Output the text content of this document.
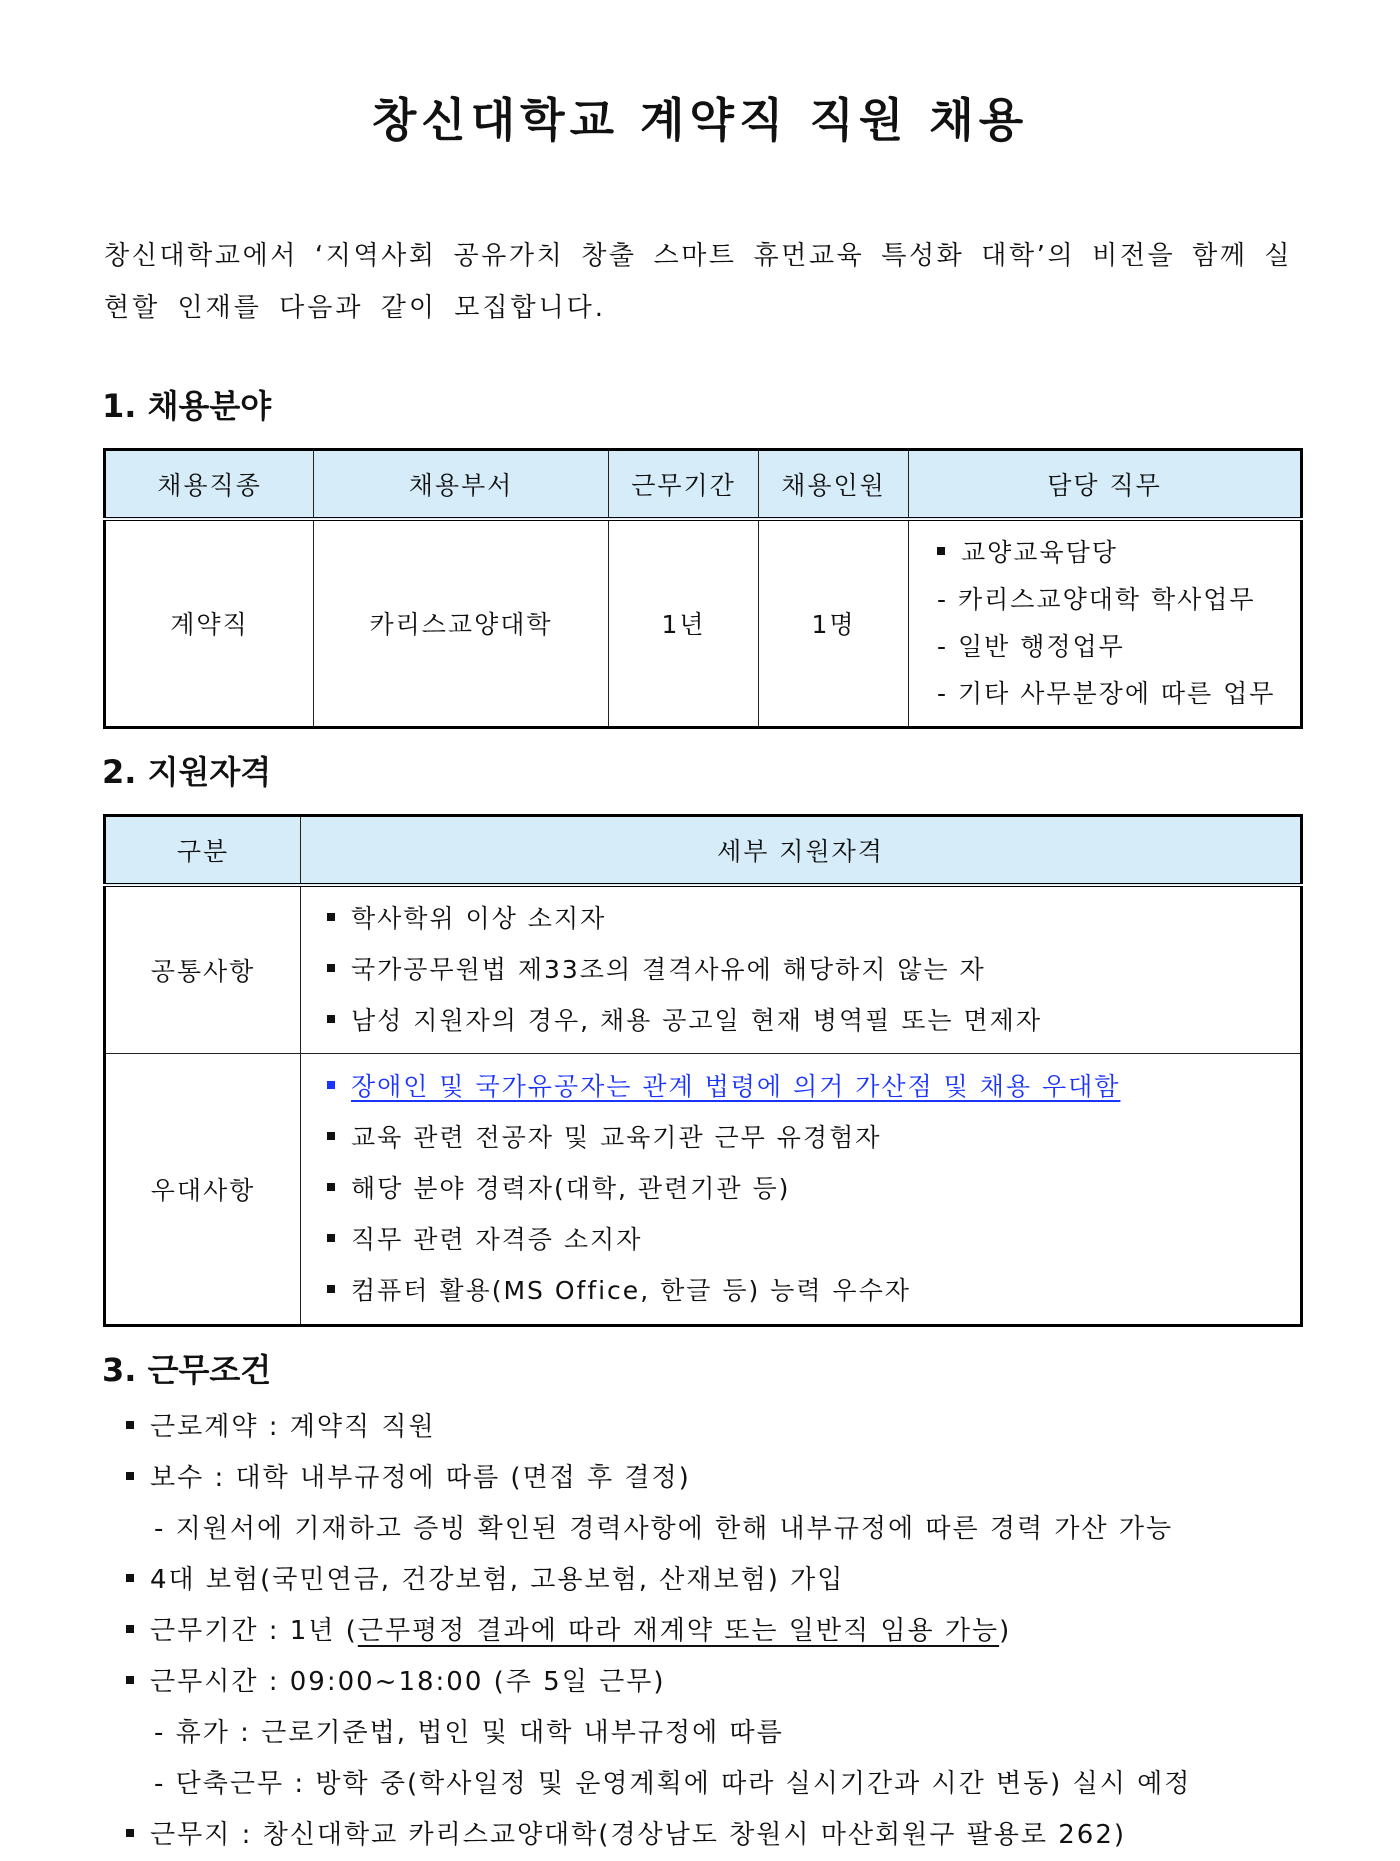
창신대학교 계약직 직원 채용
창신대학교에서 ‘지역사회 공유가치 창출 스마트 휴먼교육 특성화 대학’의 비전을 함께 실
현할 인재를 다음과 같이 모집합니다.
1. 채용분야
채용직종	채용부서	근무기간	채용인원	담당 직무
계약직	카리스교양대학	1년	1명	교양교육담당
- 카리스교양대학 학사업무
- 일반 행정업무
- 기타 사무분장에 따른 업무
2. 지원자격
구분	세부 지원자격
공통사항	학사학위 이상 소지자
국가공무원법 제33조의 결격사유에 해당하지 않는 자
남성 지원자의 경우, 채용 공고일 현재 병역필 또는 면제자

우대사항	장애인 및 국가유공자는 관계 법령에 의거 가산점 및 채용 우대함
교육 관련 전공자 및 교육기관 근무 유경험자
해당 분야 경력자(대학, 관련기관 등)
직무 관련 자격증 소지자
컴퓨터 활용(MS Office, 한글 등) 능력 우수자
3. 근무조건
근로계약 : 계약직 직원
보수 : 대학 내부규정에 따름 (면접 후 결정)
- 지원서에 기재하고 증빙 확인된 경력사항에 한해 내부규정에 따른 경력 가산 가능
4대 보험(국민연금, 건강보험, 고용보험, 산재보험) 가입
근무기간 : 1년 (근무평정 결과에 따라 재계약 또는 일반직 임용 가능)
근무시간 : 09:00~18:00 (주 5일 근무)
- 휴가 : 근로기준법, 법인 및 대학 내부규정에 따름
- 단축근무 : 방학 중(학사일정 및 운영계획에 따라 실시기간과 시간 변동) 실시 예정
근무지 : 창신대학교 카리스교양대학(경상남도 창원시 마산회원구 팔용로 262)
